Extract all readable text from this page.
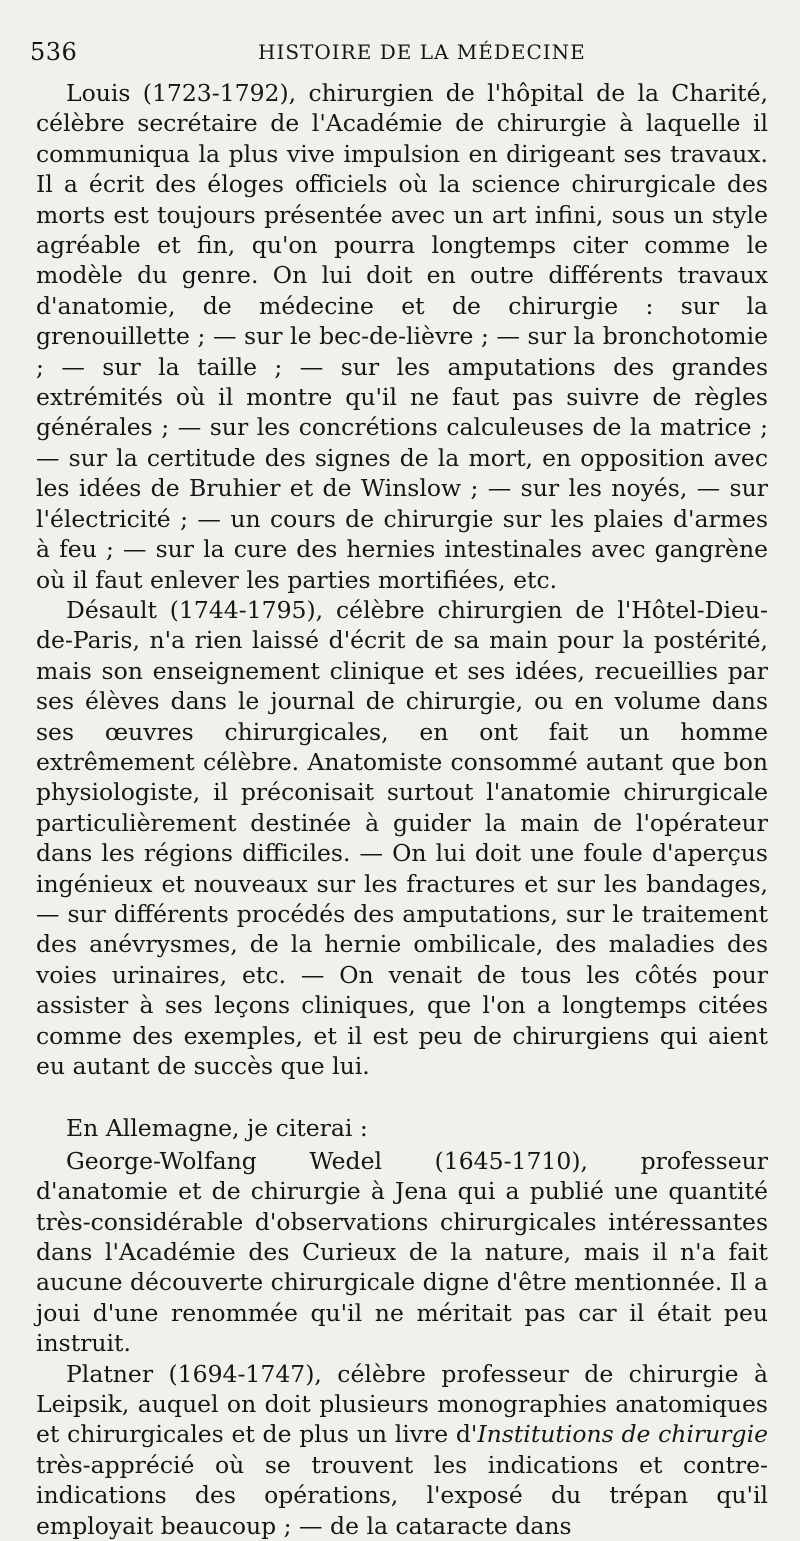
536	HISTOIRE DE LA MÉDECINE

Louis (1723-1792), chirurgien de l'hôpital de la Charité, célèbre secrétaire de l'Académie de chirurgie à laquelle il communiqua la plus vive impulsion en dirigeant ses travaux. Il a écrit des éloges officiels où la science chirurgicale des morts est toujours présentée avec un art infini, sous un style agréable et fin, qu'on pourra longtemps citer comme le modèle du genre. On lui doit en outre différents travaux d'anatomie, de médecine et de chirurgie : sur la grenouillette ; — sur le bec-de-lièvre ; — sur la bronchotomie ; — sur la taille ; — sur les amputations des grandes extrémités où il montre qu'il ne faut pas suivre de règles générales ; — sur les concrétions calculeuses de la matrice ; — sur la certitude des signes de la mort, en opposition avec les idées de Bruhier et de Winslow ; — sur les noyés, — sur l'électricité ; — un cours de chirurgie sur les plaies d'armes à feu ; — sur la cure des hernies intestinales avec gangrène où il faut enlever les parties mortifiées, etc.

Désault (1744-1795), célèbre chirurgien de l'Hôtel-Dieu-de-Paris, n'a rien laissé d'écrit de sa main pour la postérité, mais son enseignement clinique et ses idées, recueillies par ses élèves dans le journal de chirurgie, ou en volume dans ses œuvres chirurgicales, en ont fait un homme extrêmement célèbre. Anatomiste consommé autant que bon physiologiste, il préconisait surtout l'anatomie chirurgicale particulièrement destinée à guider la main de l'opérateur dans les régions difficiles. — On lui doit une foule d'aperçus ingénieux et nouveaux sur les fractures et sur les bandages, — sur différents procédés des amputations, sur le traitement des anévrysmes, de la hernie ombilicale, des maladies des voies urinaires, etc. — On venait de tous les côtés pour assister à ses leçons cliniques, que l'on a longtemps citées comme des exemples, et il est peu de chirurgiens qui aient eu autant de succès que lui.

En Allemagne, je citerai :

George-Wolfang Wedel (1645-1710), professeur d'anatomie et de chirurgie à Jena qui a publié une quantité très-considérable d'observations chirurgicales intéressantes dans l'Académie des Curieux de la nature, mais il n'a fait aucune découverte chirurgicale digne d'être mentionnée. Il a joui d'une renommée qu'il ne méritait pas car il était peu instruit.

Platner (1694-1747), célèbre professeur de chirurgie à Leipsik, auquel on doit plusieurs monographies anatomiques et chirurgicales et de plus un livre d'Institutions de chirurgie très-apprécié où se trouvent les indications et contre-indications des opérations, l'exposé du trépan qu'il employait beaucoup ; — de la cataracte dans
